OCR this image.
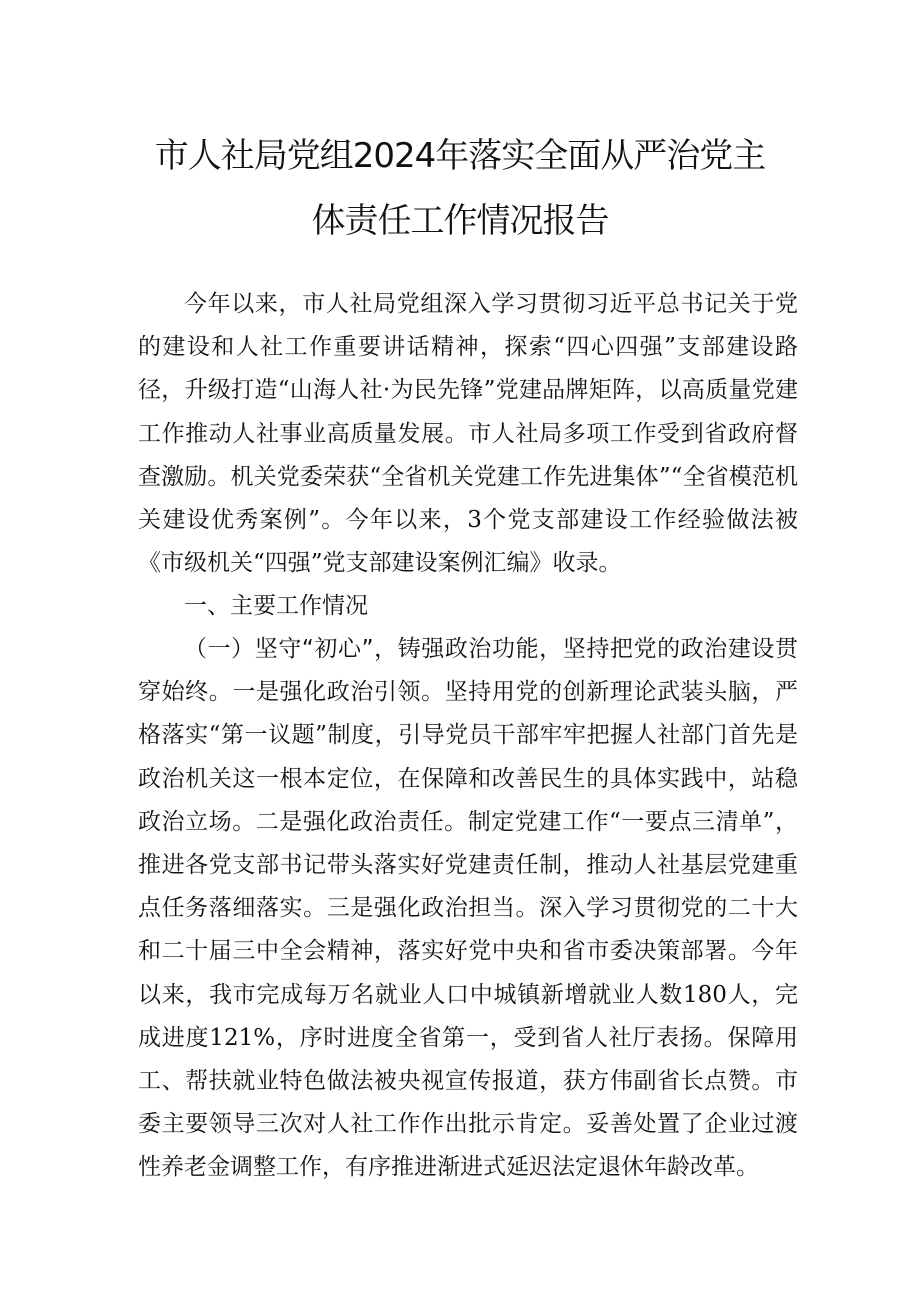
市人社局党组2024年落实全面从严治党主
体责任工作情况报告
今年以来，市人社局党组深入学习贯彻习近平总书记关于党的建设和人社工作重要讲话精神，探索“四心四强”支部建设路径，升级打造“山海人社·为民先锋”党建品牌矩阵，以高质量党建工作推动人社事业高质量发展。市人社局多项工作受到省政府督查激励。机关党委荣获“全省机关党建工作先进集体”“全省模范机关建设优秀案例”。今年以来，3个党支部建设工作经验做法被《市级机关“四强”党支部建设案例汇编》收录。
一、主要工作情况
（一）坚守“初心”，铸强政治功能，坚持把党的政治建设贯穿始终。一是强化政治引领。坚持用党的创新理论武装头脑，严格落实“第一议题”制度，引导党员干部牢牢把握人社部门首先是政治机关这一根本定位，在保障和改善民生的具体实践中，站稳政治立场。二是强化政治责任。制定党建工作“一要点三清单”，推进各党支部书记带头落实好党建责任制，推动人社基层党建重点任务落细落实。三是强化政治担当。深入学习贯彻党的二十大和二十届三中全会精神，落实好党中央和省市委决策部署。今年以来，我市完成每万名就业人口中城镇新增就业人数180人，完成进度121%，序时进度全省第一，受到省人社厅表扬。保障用工、帮扶就业特色做法被央视宣传报道，获方伟副省长点赞。市委主要领导三次对人社工作作出批示肯定。妥善处置了企业过渡性养老金调整工作，有序推进渐进式延迟法定退休年龄改革。
